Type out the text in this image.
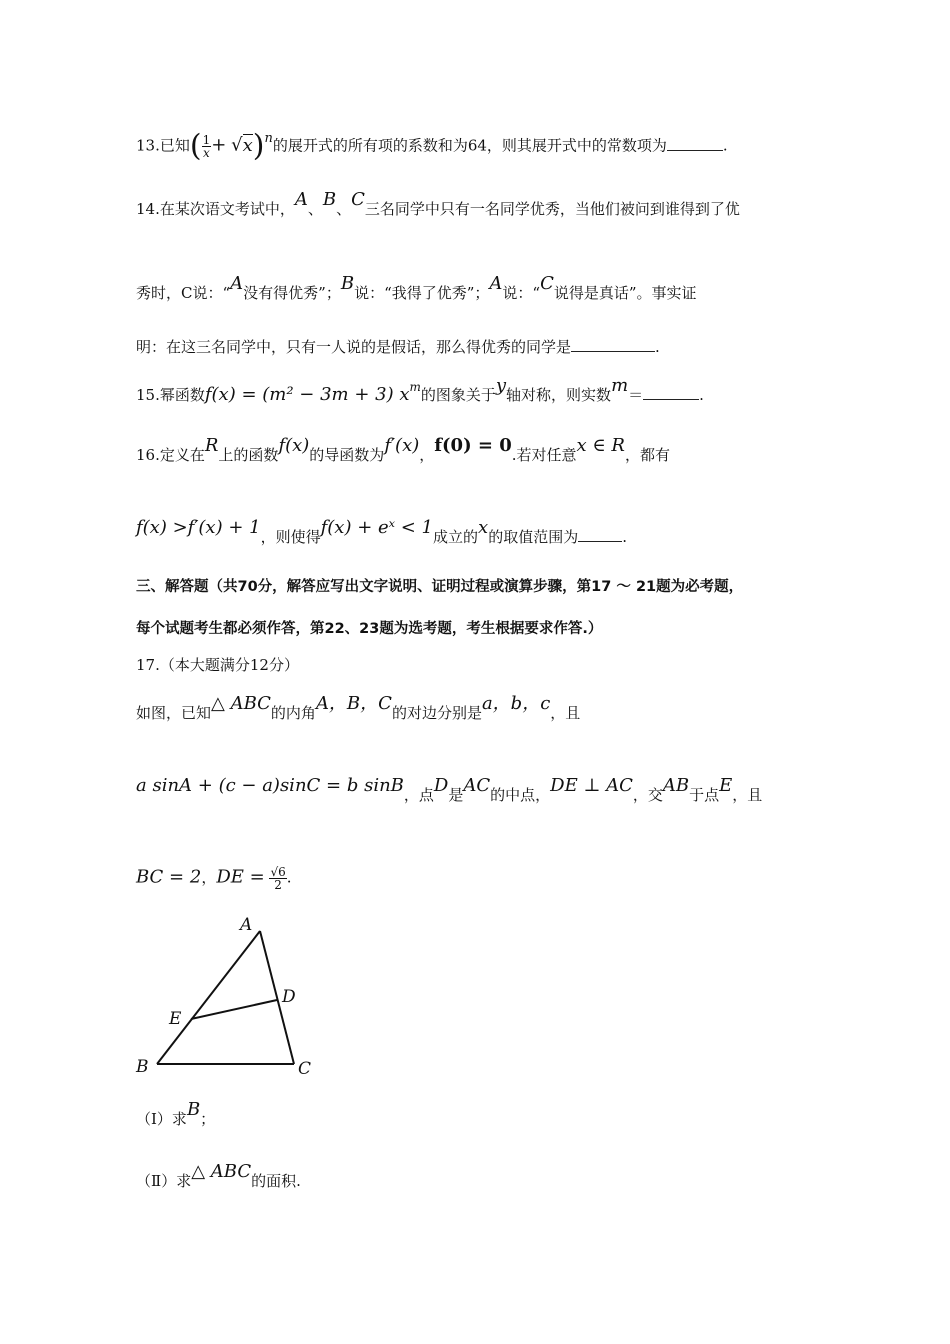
13.已知( $\frac{1}{x} + √x)n$的展开式的所有项的系数和为64，则其展开式中的常数项为	.
14.在某次语文考试中，A、B、C三名同学中只有一名同学优秀，当他们被问到谁得到了优
秀时，C说：“A没有得优秀”；B说：“我得了优秀”；A说：“C说得是真话”。事实证
明：在这三名同学中，只有一人说的是假话，那么得优秀的同学是	.
15.幂函数f(x) = (m² − 3m + 3) $x^m$的图象关于y轴对称，则实数m＝	.
16.定义在R上的函数f(x)的导函数为f′(x)，f(0) = 0.若对任意x ∈ R，都有
f(x) >f′(x) + 1，则使得f(x) + eˣ < 1成立的x的取值范围为	.
三、解答题（共70分，解答应写出文字说明、证明过程或演算步骤，第17 ～ 21题为必考题，
每个试题考生都必须作答，第22、23题为选考题，考生根据要求作答.）
17.（本大题满分12分）
如图，已知△ ABC的内角A，B，C的对边分别是a，b，c，且
a sinA + (c − a)sinC = b sinB，点D是AC的中点，DE ⊥ AC，交AB于点E，且
BC = 2，DE = $\frac{√6}{2}$ .
A
B	C
D
E
（Ⅰ）求B；
（Ⅱ）求△ ABC的面积.
